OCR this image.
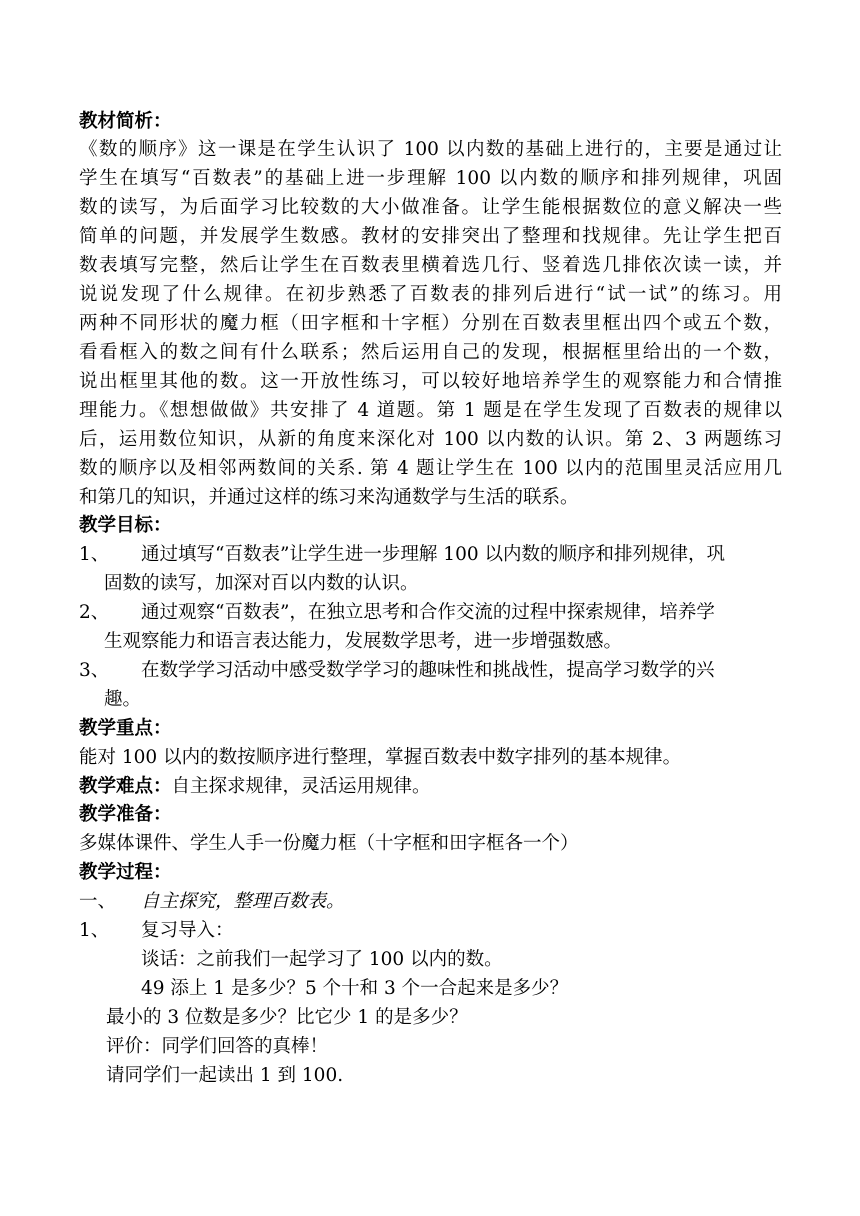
教材简析：
《数的顺序》这一课是在学生认识了 100 以内数的基础上进行的，主要是通过让
学生在填写“百数表”的基础上进一步理解 100 以内数的顺序和排列规律，巩固
数的读写，为后面学习比较数的大小做准备。让学生能根据数位的意义解决一些
简单的问题，并发展学生数感。教材的安排突出了整理和找规律。先让学生把百
数表填写完整，然后让学生在百数表里横着选几行、竖着选几排依次读一读，并
说说发现了什么规律。在初步熟悉了百数表的排列后进行“试一试”的练习。用
两种不同形状的魔力框（田字框和十字框）分别在百数表里框出四个或五个数，
看看框入的数之间有什么联系；然后运用自己的发现，根据框里给出的一个数，
说出框里其他的数。这一开放性练习，可以较好地培养学生的观察能力和合情推
理能力。《想想做做》共安排了 4 道题。第 1 题是在学生发现了百数表的规律以
后，运用数位知识，从新的角度来深化对 100 以内数的认识。第 2、3 两题练习
数的顺序以及相邻两数间的关系. 第 4 题让学生在 100 以内的范围里灵活应用几
和第几的知识，并通过这样的练习来沟通数学与生活的联系。
教学目标：
1、 通过填写“百数表”让学生进一步理解 100 以内数的顺序和排列规律，巩
固数的读写，加深对百以内数的认识。
2、 通过观察“百数表”，在独立思考和合作交流的过程中探索规律，培养学
生观察能力和语言表达能力，发展数学思考，进一步增强数感。
3、 在数学学习活动中感受数学学习的趣味性和挑战性，提高学习数学的兴
趣。
教学重点：
能对 100 以内的数按顺序进行整理，掌握百数表中数字排列的基本规律。
教学难点：自主探求规律，灵活运用规律。
教学准备：
多媒体课件、学生人手一份魔力框（十字框和田字框各一个）
教学过程：
一、 自主探究，整理百数表。
1、 复习导入：
谈话：之前我们一起学习了 100 以内的数。
49 添上 1 是多少？5 个十和 3 个一合起来是多少？
最小的 3 位数是多少？比它少 1 的是多少？
评价：同学们回答的真棒！
请同学们一起读出 1 到 100.
